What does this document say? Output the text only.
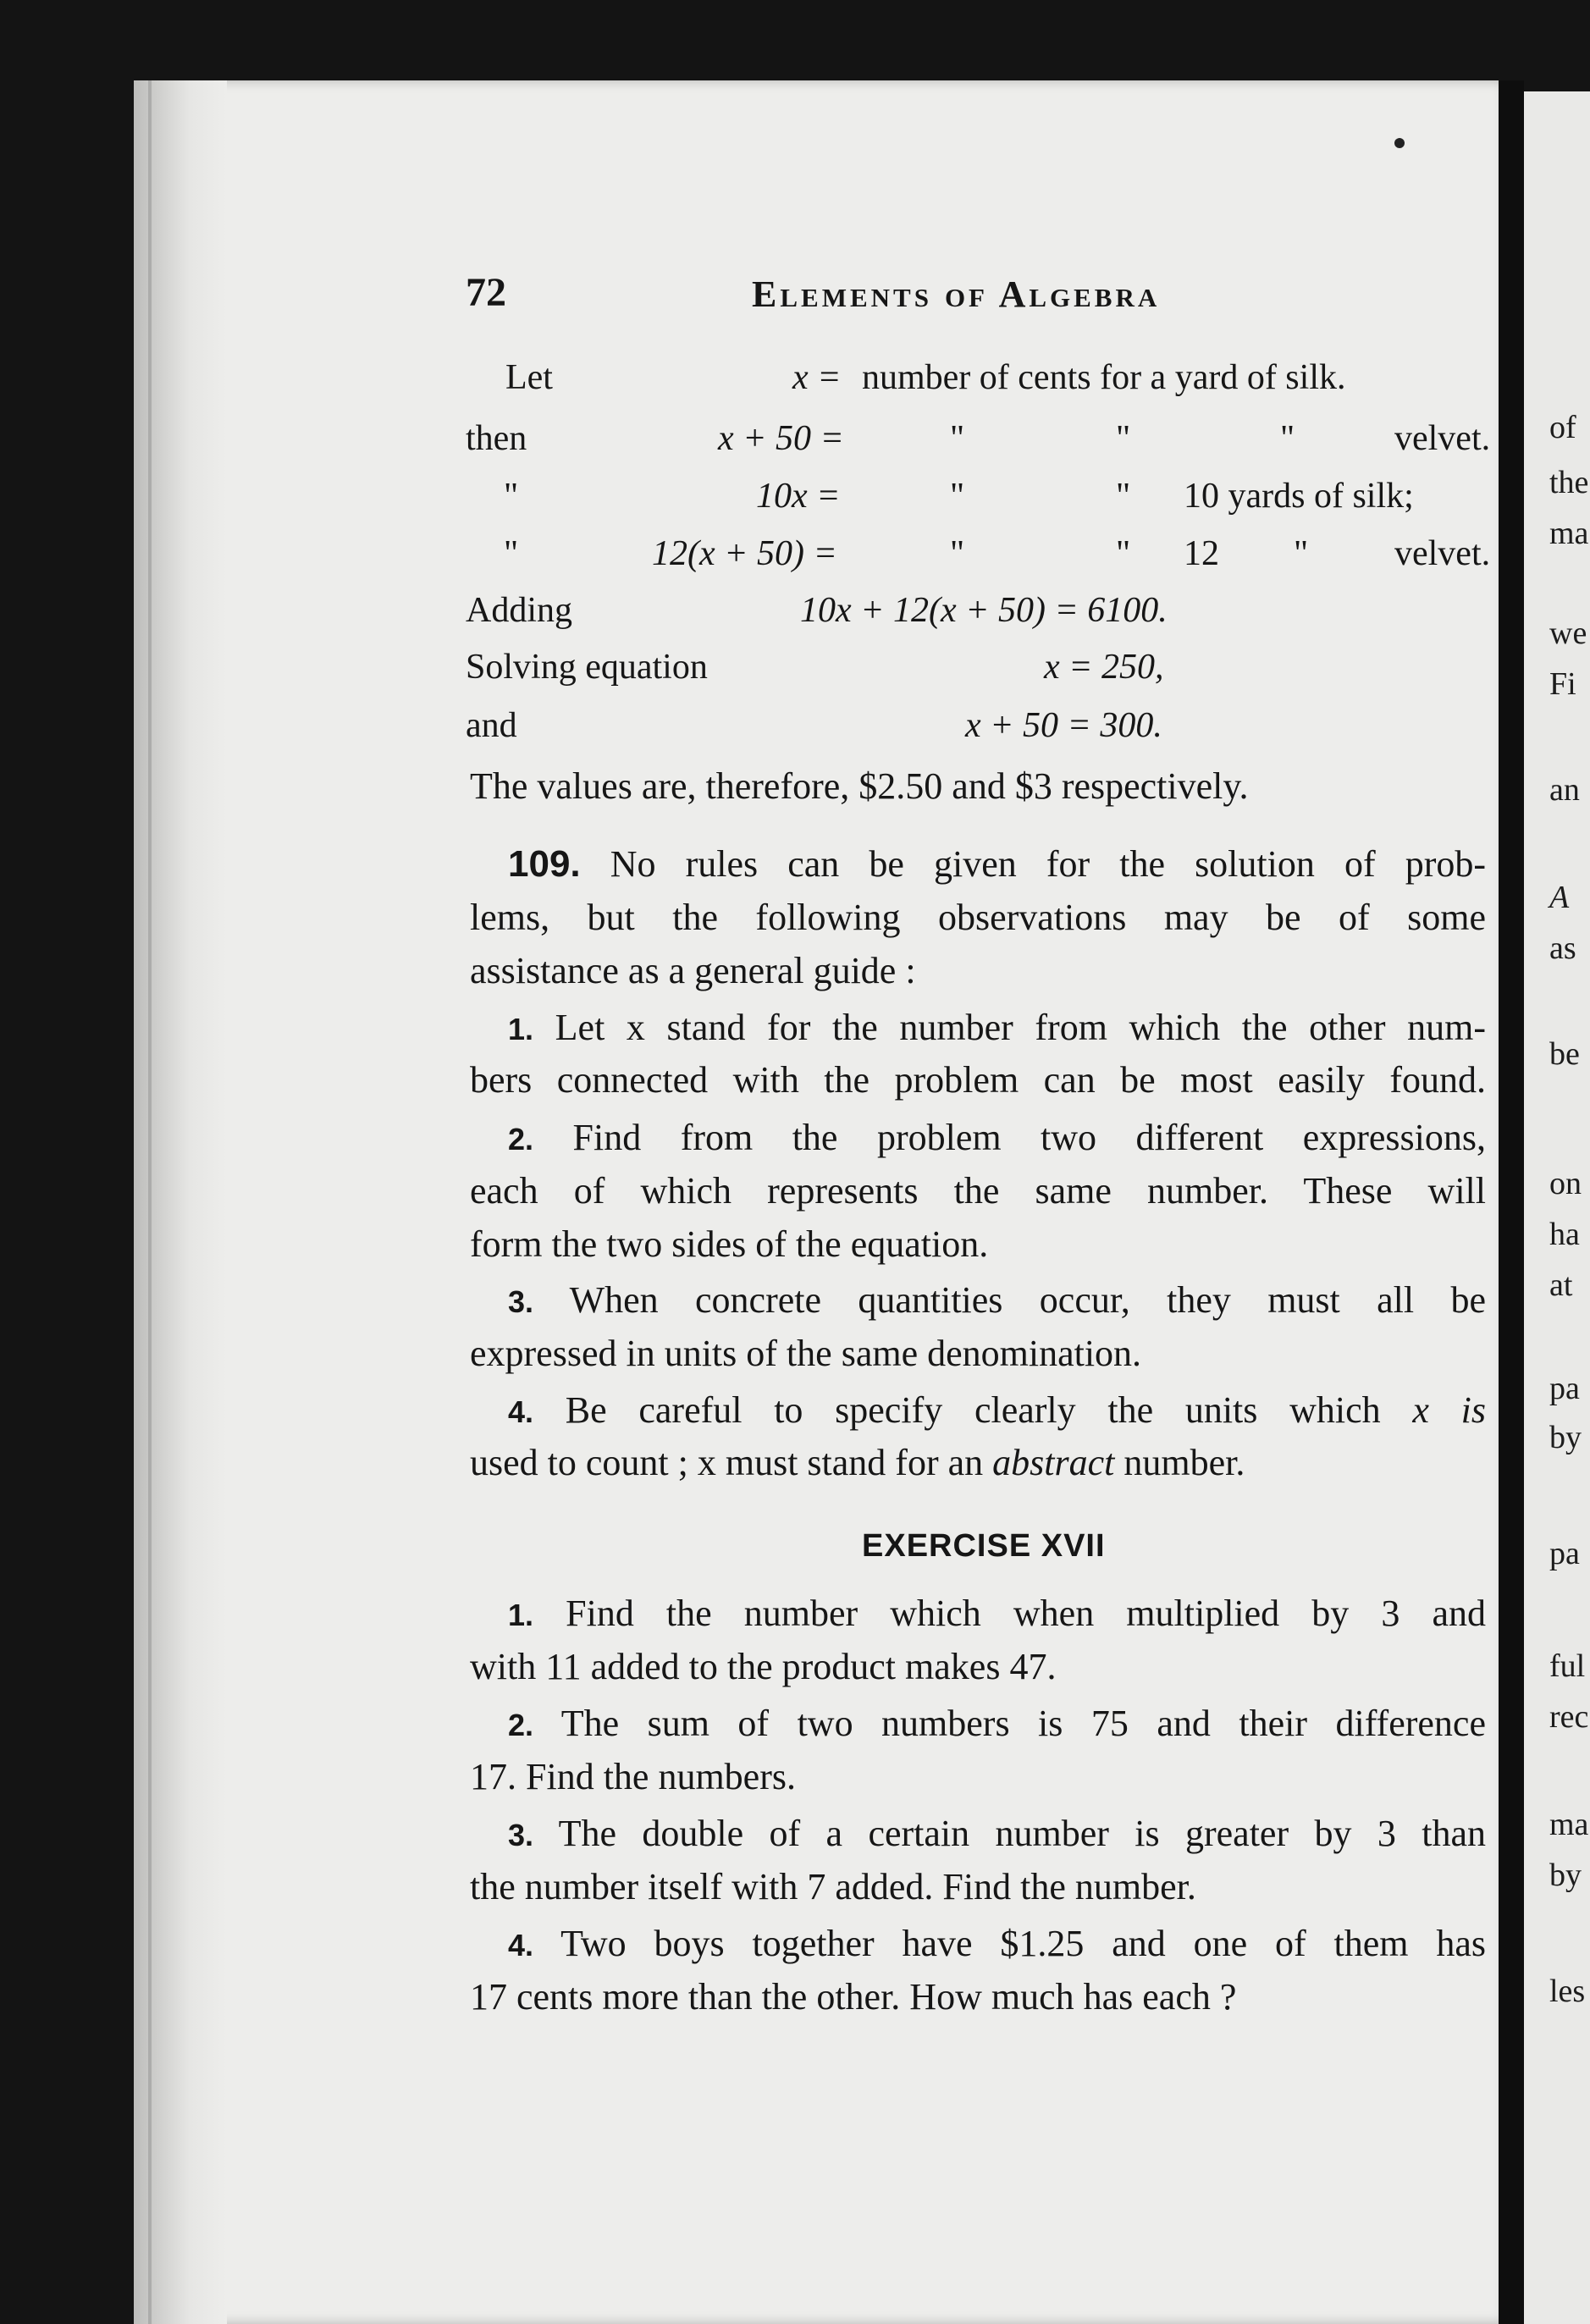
72	Elements of Algebra
Let	x = number of cents for a yard of silk.
then	x + 50 =	"	"	"	velvet.
"	10x =	"	" 10 yards of silk;
"	12(x + 50) =	"	" 12 " velvet.
Adding	10x + 12(x + 50) = 6100.
Solving equation	x = 250,
and	x + 50 = 300.
The values are, therefore, $2.50 and $3 respectively.
109. No rules can be given for the solution of prob-
lems, but the following observations may be of some
assistance as a general guide :
1. Let x stand for the number from which the other num-
bers connected with the problem can be most easily found.
2. Find from the problem two different expressions,
each of which represents the same number. These will
form the two sides of the equation.
3. When concrete quantities occur, they must all be
expressed in units of the same denomination.
4. Be careful to specify clearly the units which x is
used to count ; x must stand for an abstract number.
EXERCISE XVII
1. Find the number which when multiplied by 3 and
with 11 added to the product makes 47.
2. The sum of two numbers is 75 and their difference
17. Find the numbers.
3. The double of a certain number is greater by 3 than
the number itself with 7 added. Find the number.
4. Two boys together have $1.25 and one of them has
17 cents more than the other. How much has each ?
of
the
ma
we
Fi
an
A
as
be
on
ha
at
pa
by
pa
ful
rec
ma
by
les
